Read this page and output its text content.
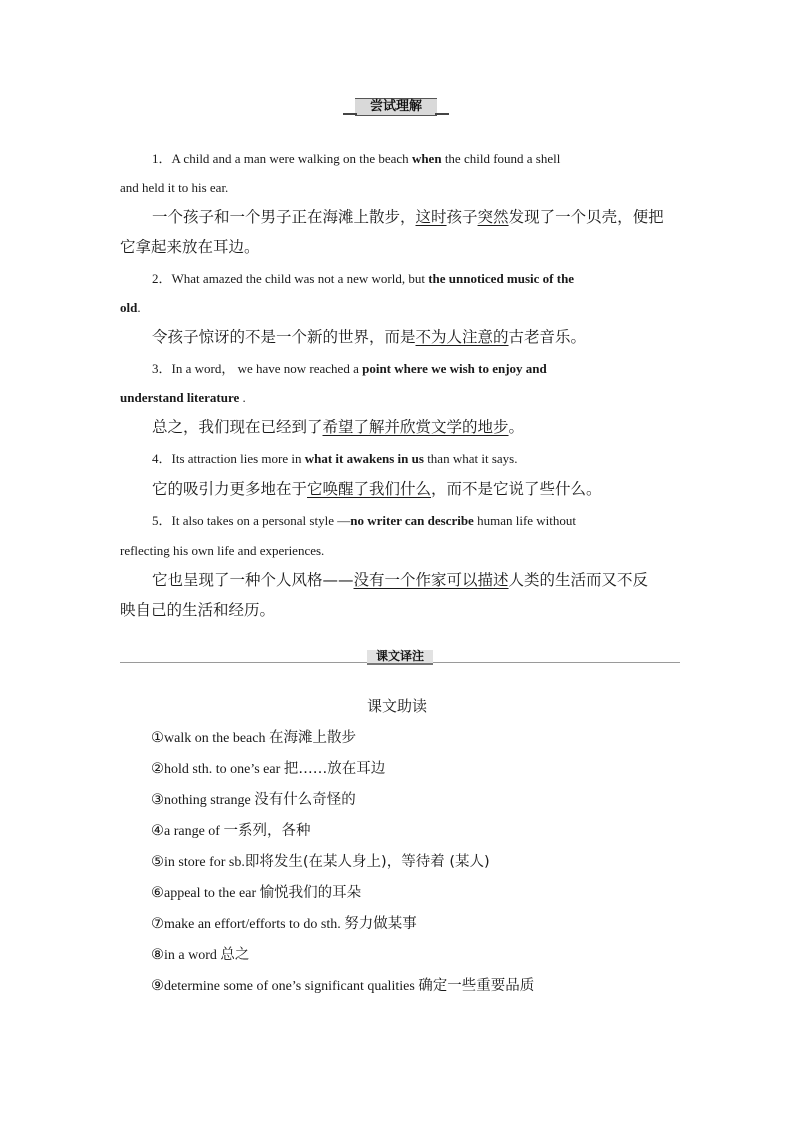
尝试理解
1．A child and a man were walking on the beach when the child found a shell
and held it to his ear.
一个孩子和一个男子正在海滩上散步，这时孩子突然发现了一个贝壳，便把
它拿起来放在耳边。
2．What amazed the child was not a new world, but the unnoticed music of the
old.
令孩子惊讶的不是一个新的世界，而是不为人注意的古老音乐。
3．In a word， we have now reached a point where we wish to enjoy and
understand literature .
总之，我们现在已经到了希望了解并欣赏文学的地步。
4．Its attraction lies more in what it awakens in us than what it says.
它的吸引力更多地在于它唤醒了我们什么，而不是它说了些什么。
5．It also takes on a personal style —no writer can describe human life without
reflecting his own life and experiences.
它也呈现了一种个人风格——没有一个作家可以描述人类的生活而又不反
映自己的生活和经历。
课文译注
课文助读
①walk on the beach 在海滩上散步
②hold sth. to one’s ear 把……放在耳边
③nothing strange 没有什么奇怪的
④a range of 一系列，各种
⑤in store for sb.即将发生(在某人身上)，等待着 (某人)
⑥appeal to the ear 愉悦我们的耳朵
⑦make an effort/efforts to do sth. 努力做某事
⑧in a word 总之
⑨determine some of one’s significant qualities 确定一些重要品质
